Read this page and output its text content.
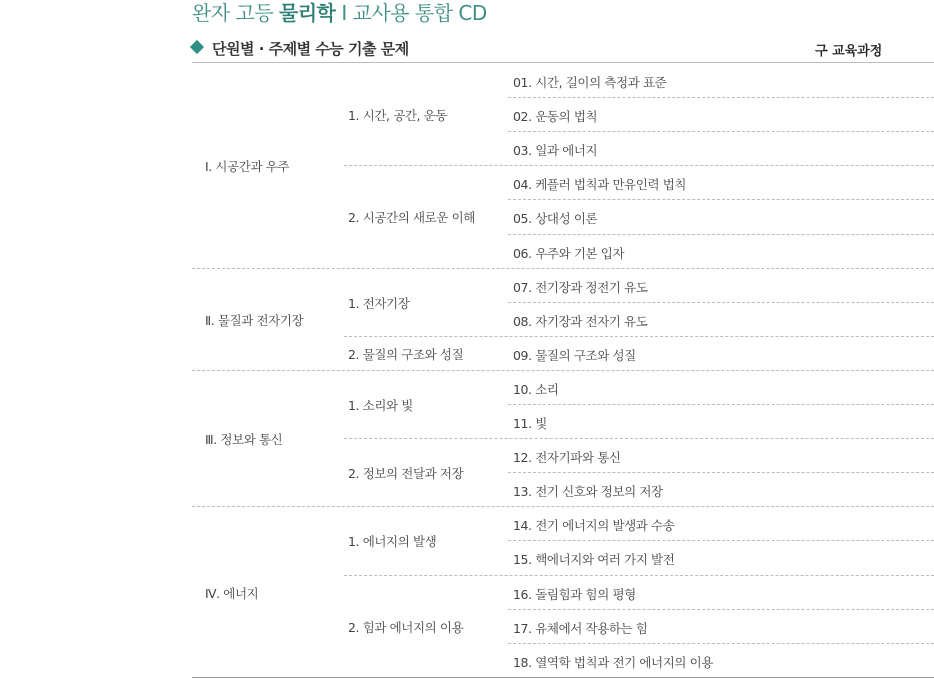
완자 고등 물리학 I 교사용 통합 CD
단원별 · 주제별 수능 기출 문제	구 교육과정
01. 시간, 길이의 측정과 표준
02. 운동의 법칙
03. 일과 에너지
1. 시간, 공간, 운동
04. 케플러 법칙과 만유인력 법칙
05. 상대성 이론
06. 우주와 기본 입자
2. 시공간의 새로운 이해
Ⅰ. 시공간과 우주
07. 전기장과 정전기 유도
08. 자기장과 전자기 유도
1. 전자기장
09. 물질의 구조와 성질
2. 물질의 구조와 성질
Ⅱ. 물질과 전자기장
10. 소리
11. 빛
1. 소리와 빛
12. 전자기파와 통신
13. 전기 신호와 정보의 저장
2. 정보의 전달과 저장
Ⅲ. 정보와 통신
14. 전기 에너지의 발생과 수송
15. 핵에너지와 여러 가지 발전
1. 에너지의 발생
16. 돌림힘과 힘의 평형
17. 유체에서 작용하는 힘
18. 열역학 법칙과 전기 에너지의 이용
2. 힘과 에너지의 이용
Ⅳ. 에너지
